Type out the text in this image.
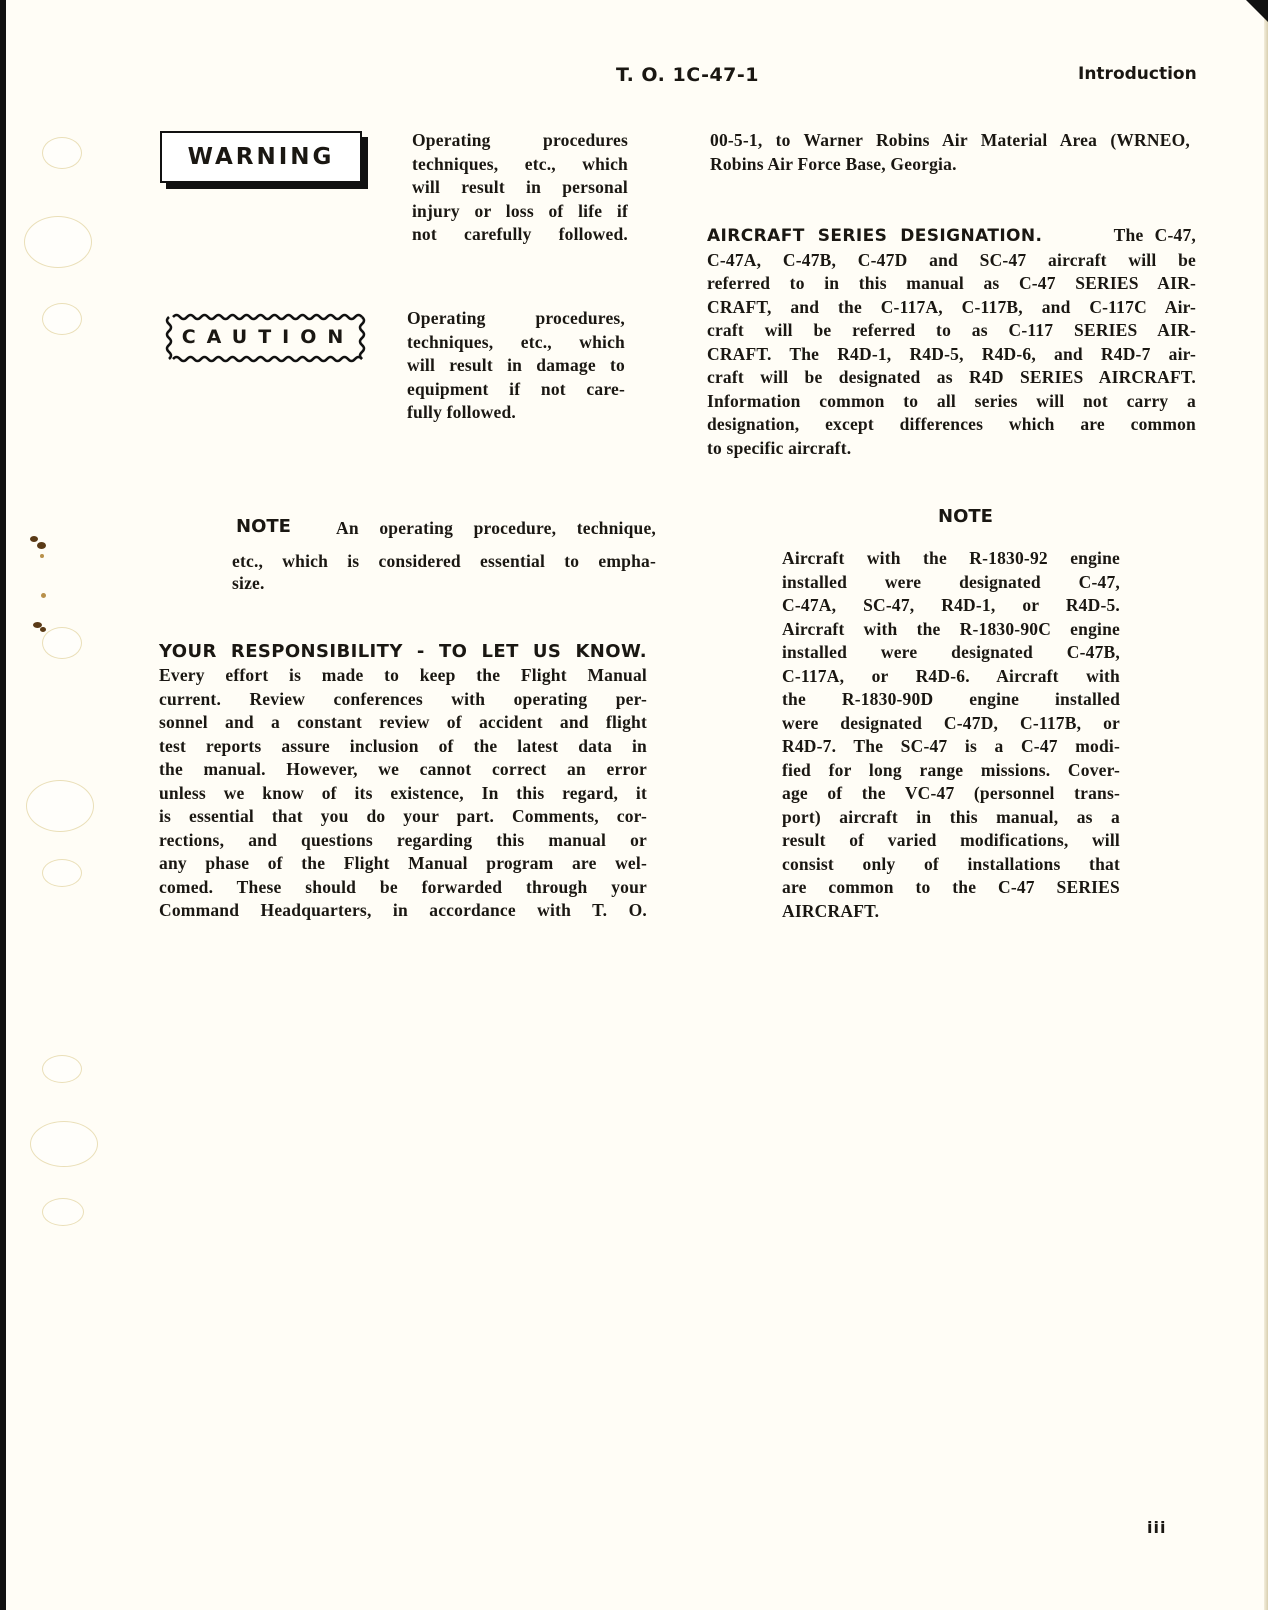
T. O. 1C-47-1	Introduction
WARNING
Operating procedures
techniques, etc., which
will result in personal
injury or loss of life if
not carefully followed.
CAUTION
Operating procedures,
techniques, etc., which
will result in damage to
equipment if not care-
fully followed.
NOTE	An operating procedure, technique,
etc., which is considered essential to empha-
size.
YOUR RESPONSIBILITY - TO LET US KNOW.
Every effort is made to keep the Flight Manual
current. Review conferences with operating per-
sonnel and a constant review of accident and flight
test reports assure inclusion of the latest data in
the manual. However, we cannot correct an error
unless we know of its existence, In this regard, it
is essential that you do your part. Comments, cor-
rections, and questions regarding this manual or
any phase of the Flight Manual program are wel-
comed. These should be forwarded through your
Command Headquarters, in accordance with T. O.
00-5-1, to Warner Robins Air Material Area (WRNEO,
Robins Air Force Base, Georgia.
AIRCRAFT SERIES DESIGNATION.	The C-47,
C-47A, C-47B, C-47D and SC-47 aircraft will be
referred to in this manual as C-47 SERIES AIR-
CRAFT, and the C-117A, C-117B, and C-117C Air-
craft will be referred to as C-117 SERIES AIR-
CRAFT. The R4D-1, R4D-5, R4D-6, and R4D-7 air-
craft will be designated as R4D SERIES AIRCRAFT.
Information common to all series will not carry a
designation, except differences which are common
to specific aircraft.
NOTE
Aircraft with the R-1830-92 engine
installed were designated C-47,
C-47A, SC-47, R4D-1, or R4D-5.
Aircraft with the R-1830-90C engine
installed were designated C-47B,
C-117A, or R4D-6. Aircraft with
the R-1830-90D engine installed
were designated C-47D, C-117B, or
R4D-7. The SC-47 is a C-47 modi-
fied for long range missions. Cover-
age of the VC-47 (personnel trans-
port) aircraft in this manual, as a
result of varied modifications, will
consist only of installations that
are common to the C-47 SERIES
AIRCRAFT.
iii
